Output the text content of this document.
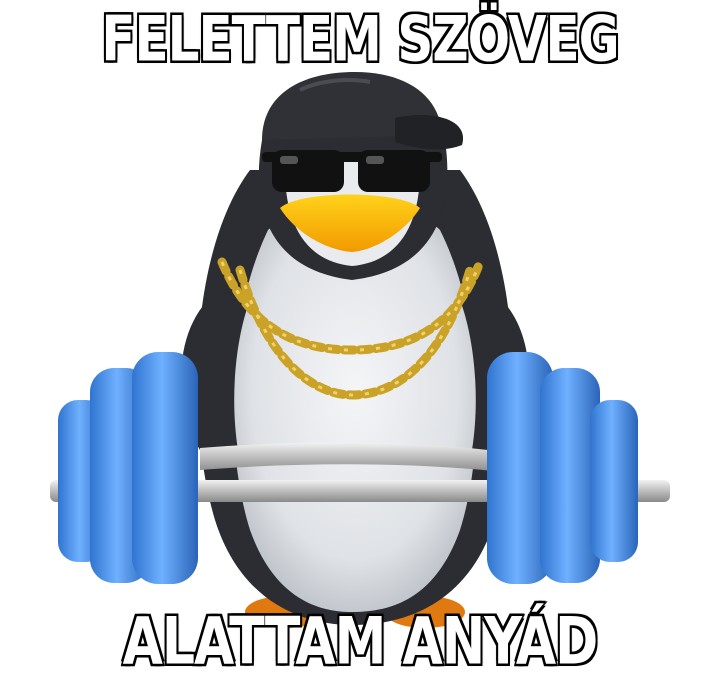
FELETTEM SZÖVEG
ALATTAM ANYÁD
